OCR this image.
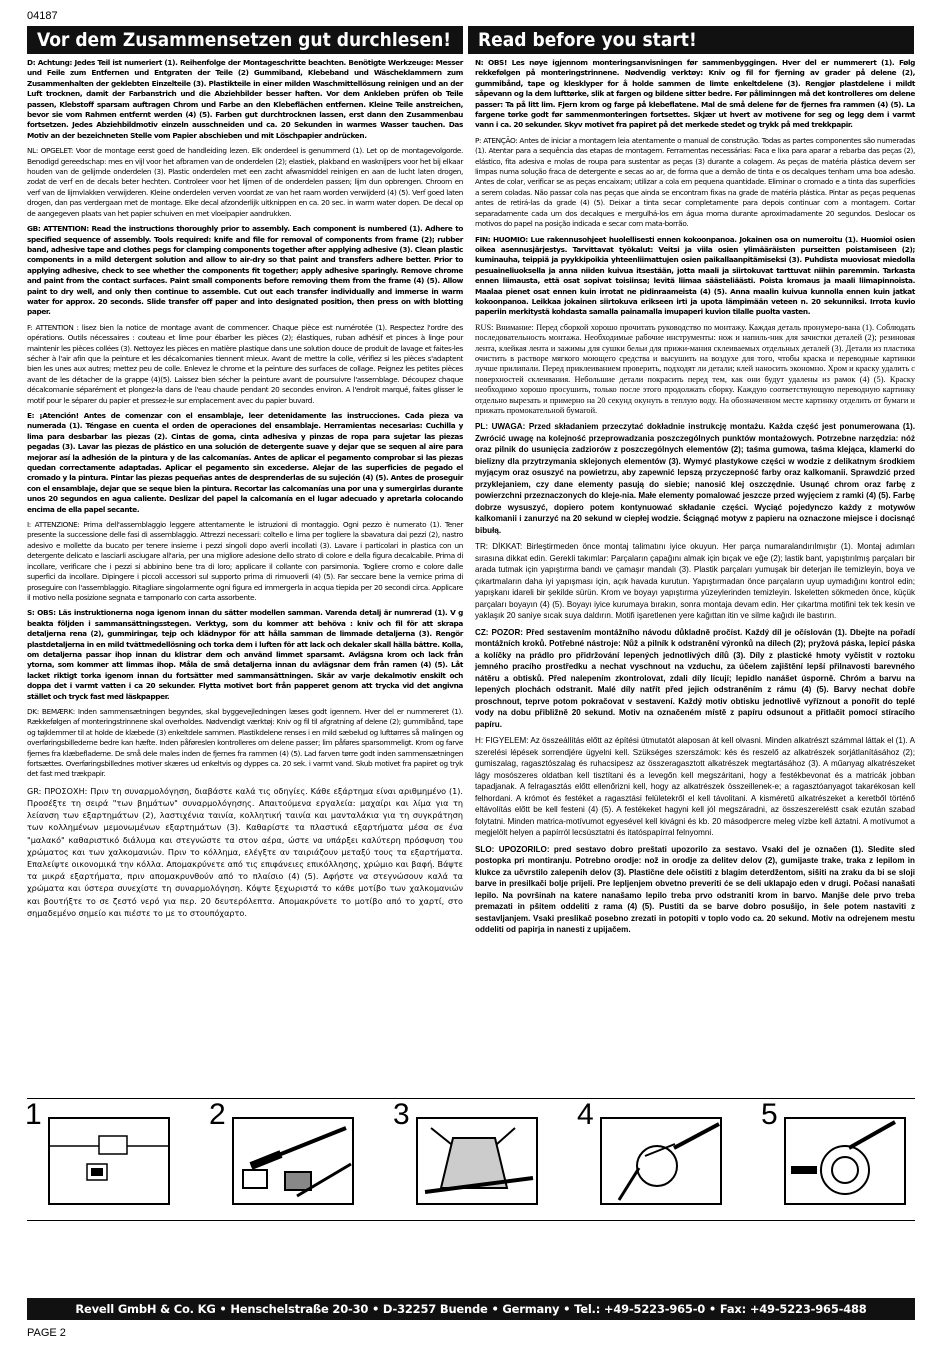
04187
Vor dem Zusammensetzen gut durchlesen!	Read before you start!

D: Achtung: Jedes Teil ist numeriert (1). Reihenfolge der Montageschritte beachten. Benötigte Werkzeuge: Messer und Feile zum Entfernen und Entgraten der Teile (2) Gummiband, Klebeband und Wäscheklammern zum Zusammenhalten der geklebten Einzelteile (3). Plastikteile in einer milden Waschmittellösung reinigen und an der Luft trocknen, damit der Farbanstrich und die Abziehbilder besser haften. Vor dem Ankleben prüfen ob Teile passen, Klebstoff sparsam auftragen Chrom und Farbe an den Klebeflächen entfernen. Kleine Teile anstreichen, bevor sie vom Rahmen entfernt werden (4) (5). Farben gut durchtrocknen lassen, erst dann den Zusammenbau fortsetzen. Jedes Abziehbildmotiv einzeln ausschneiden und ca. 20 Sekunden in warmes Wasser tauchen. Das Motiv an der bezeichneten Stelle vom Papier abschieben und mit Löschpapier andrücken.

NL: OPGELET: Voor de montage eerst goed de handleiding lezen. Elk onderdeel is genummerd (1). Let op de montagevolgorde. Benodigd gereedschap: mes en vijl voor het afbramen van de onderdelen (2); elastiek, plakband en wasknijpers voor het bij elkaar houden van de gelijmde onderdelen (3). Plastic onderdelen met een zacht afwasmiddel reinigen en aan de lucht laten drogen, zodat de verf en de decals beter hechten. Controleer voor het lijmen of de onderdelen passen; lijm dun opbrengen. Chroom en verf van de lijmvlakken verwijderen. Kleine onderdelen verven voordat ze van het raam worden verwijderd (4) (5). Verf goed laten drogen, dan pas verdergaan met de montage. Elke decal afzonderlijk uitknippen en ca. 20 sec. in warm water dopen. De decal op de aangegeven plaats van het papier schuiven en met vloeipapier aandrukken.

GB: ATTENTION: Read the instructions thoroughly prior to assembly. Each component is numbered (1). Adhere to specified sequence of assembly. Tools required: knife and file for removal of components from frame (2); rubber band, adhesive tape and clothes pegs for clamping components together after applying adhesive (3). Clean plastic components in a mild detergent solution and allow to air-dry so that paint and transfers adhere better. Prior to applying adhesive, check to see whether the components fit together; apply adhesive sparingly. Remove chrome and paint from the contact surfaces. Paint small components before removing them from the frame (4) (5). Allow paint to dry well, and only then continue to assemble. Cut out each transfer individually and immerse in warm water for approx. 20 seconds. Slide transfer off paper and into designated position, then press on with blotting paper.

F: ATTENTION : lisez bien la notice de montage avant de commencer. Chaque pièce est numérotée (1). Respectez l'ordre des opérations. Outils nécessaires : couteau et lime pour ébarber les pièces (2); élastiques, ruban adhésif et pinces à linge pour maintenir les pièces collées (3). Nettoyez les pièces en matière plastique dans une solution douce de produit de lavage et faites-les sécher à l'air afin que la peinture et les décalcomanies tiennent mieux. Avant de mettre la colle, vérifiez si les pièces s'adaptent bien les unes aux autres; mettez peu de colle. Enlevez le chrome et la peinture des surfaces de collage. Peignez les petites pièces avant de les détacher de la grappe (4)(5). Laissez bien sécher la peinture avant de poursuivre l'assemblage. Découpez chaque décalcomanie séparément et plongez-la dans de l'eau chaude pendant 20 secondes environ. A l'endroit marqué, faites glisser le motif pour le séparer du papier et pressez-le sur emplacement avec du papier buvard.

E: ¡Atención! Antes de comenzar con el ensamblaje, leer detenidamente las instrucciones. Cada pieza va numerada (1). Téngase en cuenta el orden de operaciones del ensamblaje. Herramientas necesarias: Cuchilla y lima para desbarbar las piezas (2). Cintas de goma, cinta adhesiva y pinzas de ropa para sujetar las piezas pegadas (3). Lavar las piezas de plástico en una solución de detergente suave y dejar que se sequen al aire para mejorar así la adhesión de la pintura y de las calcomanías. Antes de aplicar el pegamento comprobar si las piezas quedan correctamente adaptadas. Aplicar el pegamento sin excederse. Alejar de las superficies de pegado el cromado y la pintura. Pintar las piezas pequeñas antes de desprenderlas de su sujeción (4) (5). Antes de proseguir con el ensamblaje, dejar que se seque bien la pintura. Recortar las calcomanías una por una y sumergirlas durante unos 20 segundos en agua caliente. Deslizar del papel la calcomanía en el lugar adecuado y apretarla colocando encima de ella papel secante.

I: ATTENZIONE: Prima dell'assemblaggio leggere attentamente le istruzioni di montaggio. Ogni pezzo è numerato (1). Tener presente la successione delle fasi di assemblaggio. Attrezzi necessari: coltello e lima per togliere la sbavatura dai pezzi (2), nastro adesivo e mollette da bucato per tenere insieme i pezzi singoli dopo averli incollati (3). Lavare i particolari in plastica con un detergente delicato e lasciarli asciugare all'aria, per una migliore adesione dello strato di colore e della figura decalcabile. Prima di incollare, verificare che i pezzi si abbinino bene tra di loro; applicare il collante con parsimonia. Togliere cromo e colore dalle superfici da incollare. Dipingere i piccoli accessori sul supporto prima di rimuoverli (4) (5). Far seccare bene la vernice prima di proseguire con l'assemblaggio. Ritagliare singolarmente ogni figura ed immergerla in acqua tiepida per 20 secondi circa. Applicare il motivo nella posizione segnata e tamponarlo con carta assorbente.

S: OBS: Läs instruktionerna noga igenom innan du sätter modellen samman. Varenda detalj är numrerad (1). V g beakta följden i sammansättningsstegen. Verktyg, som du kommer att behöva : kniv och fil för att skrapa detaljerna rena (2), gummiringar, tejp och klädnypor för att hålla samman de limmade detaljerna (3). Rengör plastdetaljerna in en mild tvättmedellösning och torka dem i luften för att lack och dekaler skall hälla bättre. Kolla, om detaljerna passar ihop innan du klistrar dem och använd limmet sparsamt. Avlägsna krom och lack från ytorna, som kommer att limmas ihop. Måla de små detaljerna innan du avlägsnar dem från ramen (4) (5). Låt lacket riktigt torka igenom innan du fortsätter med sammansättningen. Skär av varje dekalmotiv enskilt och doppa det i varmt vatten i ca 20 sekunder. Flytta motivet bort från papperet genom att trycka vid det angivna stället och tryck fast med läskpapper.

DK: BEMÆRK: Inden sammensætningen begyndes, skal byggevejledningen læses godt igennem. Hver del er nummereret (1). Rækkefølgen af monteringstrinnene skal overholdes. Nødvendigt værktøj: Kniv og fil til afgratning af delene (2); gummibånd, tape og tøjklemmer til at holde de klæbede (3) enkeltdele sammen. Plastikdelene renses i en mild sæbelud og lufttørres så malingen og overføringsbillederne bedre kan hæfte. Inden påføreslen kontrolleres om delene passer; lim påføres sparsommeligt. Krom og farve fjernes fra klæbefladerne. De små dele males inden de fjernes fra rammen (4) (5). Lad farven tørre godt inden sammensætningen fortsættes. Overføringsbillednes motiver skæres ud enkeltvis og dyppes ca. 20 sek. i varmt vand. Skub motivet fra papiret og tryk det fast med trækpapir.

GR: ΠΡΟΣΟΧΗ: Πριν τη συναρμολόγηση, διαβάστε καλά τις οδηγίες. Κάθε εξάρτημα είναι αριθμημένο (1). Προσέξτε τη σειρά "των βημάτων" συναρμολόγησης. Απαιτούμενα εργαλεία: μαχαίρι και λίμα για τη λείανση των εξαρτημάτων (2), λαστιχένια ταινία, κολλητική ταινία και μανταλάκια για τη συγκράτηση των κολλημένων μεμονωμένων εξαρτημάτων (3). Καθαρίστε τα πλαστικά εξαρτήματα μέσα σε ένα "μαλακό" καθαριστικό διάλυμα και στεγνώστε τα στον αέρα, ώστε να υπάρξει καλύτερη πρόσφυση του χρώματος και των χαλκομανιών. Πριν το κόλλημα, ελέγξτε αν ταιριάζουν μεταξύ τους τα εξαρτήματα. Επαλείψτε οικονομικά την κόλλα. Απομακρύνετε από τις επιφάνειες επικόλλησης, χρώμιο και βαφή. Βάψτε τα μικρά εξαρτήματα, πριν απομακρυνθούν από το πλαίσιο (4) (5). Αφήστε να στεγνώσουν καλά τα χρώματα και ύστερα συνεχίστε τη συναρμολόγηση. Κόψτε ξεχωριστά το κάθε μοτίβο των χαλκομανιών και βουτήξτε το σε ζεστό νερό για περ. 20 δευτερόλεπτα. Απομακρύνετε το μοτίβο από το χαρτί, στο σημαδεμένο σημείο και πιέστε το με το στουπόχαρτο.

N: OBS! Les nøye igjennom monteringsanvisningen før sammenbyggingen. Hver del er nummerert (1). Følg rekkefølgen på monteringstrinnene. Nødvendig verktøy: Kniv og fil for fjerning av grader på delene (2), gummibånd, tape og klesklyper for å holde sammen de limte enkeltdelene (3). Rengjør plastdelene i mildt såpevann og la dem lufttørke, slik at fargen og bildene sitter bedre. Før påliminngen må det kontrolleres om delene passer: Ta på litt lim. Fjern krom og farge på klebeflatene. Mal de små delene før de fjernes fra rammen (4) (5). La fargene tørke godt før sammenmonteringen fortsettes. Skjær ut hvert av motivene for seg og legg dem i varmt vann i ca. 20 sekunder. Skyv motivet fra papiret på det merkede stedet og trykk på med trekkpapir.

P: ATENÇÃO: Antes de iniciar a montagem leia atentamente o manual de construção. Todas as partes componentes são numeradas (1). Atentar para a sequência das etapas de montagem. Ferramentas necessárias: Faca e lixa para aparar a rebarba das peças (2), elástico, fita adesiva e molas de roupa para sustentar as peças (3) durante a colagem. As peças de matéria plástica devem ser limpas numa solução fraca de detergente e secas ao ar, de forma que a demão de tinta e os decalques tenham uma boa adesão. Antes de colar, verificar se as peças encaixam; utilizar a cola em pequena quantidade. Eliminar o cromado e a tinta das superfícies a serem coladas. Não passar cola nas peças que ainda se encontram fixas na grade de matéria plástica. Pintar as peças pequenas antes de retirá-las da grade (4) (5). Deixar a tinta secar completamente para depois continuar com a montagem. Cortar separadamente cada um dos decalques e mergulhá-los em água morna durante aproximadamente 20 segundos. Deslocar os motivos do papel na posição indicada e secar com mata-borrão.

FIN: HUOMIO: Lue rakennusohjeet huolellisesti ennen kokoonpanoa. Jokainen osa on numeroitu (1). Huomioi osien oikea asennusjärjestys. Tarvittavat työkalut: Veitsi ja viila osien ylimääräisten purseitten poistamiseen (2); kuminauha, teippiä ja pyykkipoikia yhteenliimattujen osien paikallaanpitämiseksi (3). Puhdista muoviosat miedolla pesuaineliuoksella ja anna niiden kuivua itsestään, jotta maali ja siirtokuvat tarttuvat niihin paremmin. Tarkasta ennen liimausta, että osat sopivat toisiinsa; levitä liimaa säästeliäästi. Poista kromaus ja maali liimapinnoista. Maalaa pienet osat ennen kuin irrotat ne pidinraameista (4) (5). Anna maalin kuivua kunnolla ennen kuin jatkat kokoonpanoa. Leikkaa jokainen siirtokuva erikseen irti ja upota lämpimään veteen n. 20 sekunniksi. Irrota kuvio paperiin merkitystä kohdasta samalla painamalla imupaperi kuvion tilalle puolta vasten.

RUS: Внимание: Перед сборкой хорошо прочитать руководство по монтажу. Каждая деталь пронумеро-вана (1). Соблюдать последовательность монтажа. Необходимые рабочие инструменты: нож и напиль-ник для зачистки деталей (2); резиновая лента, клейкая лента и зажимы для сушки бельи для прижи-мания склеиваемых отдельных деталей (3). Детали из пластика очистить в растворе мягкого моющего средства и высушить на воздухе для того, чтобы краска и переводные картинки лучше прилипали. Перед приклеиванием проверить, подходят ли детали; клей наносить экономно. Хром и краску удалить с поверхностей склеивания. Небольшие детали покрасить перед тем, как они будут удалены из рамок (4) (5). Краску необходимо хорошо просушить, только после этого продолжать сборку. Каждую соответствующую переводную картинку отдельно вырезать и примерно на 20 секунд окунуть в теплую воду. На обозначенном месте картинку отделить от бумаги и прижать промокательной бумагой.

PL: UWAGA: Przed składaniem przeczytać dokładnie instrukcję montażu. Każda część jest ponumerowana (1). Zwrócić uwagę na kolejność przeprowadzania poszczególnych punktów montażowych. Potrzebne narzędzia: nóż oraz pilnik do usunięcia zadziorów z poszczególnych elementów (2); taśma gumowa, taśma klejąca, klamerki do bielizny dla przytrzymania sklejonych elementów (3). Wymyć plastykowe części w wodzie z delikatnym środkiem myjącym oraz osuszyć na powietrzu, aby zapewnić lepszą przyczepność farby oraz kalkomanii. Sprawdzić przed przyklejaniem, czy dane elementy pasują do siebie; nanosić klej oszczędnie. Usunąć chrom oraz farbę z powierzchni przeznaczonych do kleje-nia. Małe elementy pomalować jeszcze przed wyjęciem z ramki (4) (5). Farbę dobrze wysuszyć, dopiero potem kontynuować składanie części. Wyciąć pojedynczo każdy z motywów kalkomanii i zanurzyć na 20 sekund w ciepłej wodzie. Ściągnąć motyw z papieru na oznaczone miejsce i docisnąć bibułą.

TR: DİKKAT: Birleştirmeden önce montaj talimatını iyice okuyun. Her parça numaralandırılmıştır (1). Montaj adımları sırasına dikkat edin. Gerekli takımlar: Parçaların çapağını almak için bıçak ve eğe (2); lastik bant, yapıştırılmış parçaları bir arada tutmak için yapıştırma bandı ve çamaşır mandalı (3). Plastik parçaları yumuşak bir deterjan ile temizleyin, boya ve çıkartmaların daha iyi yapışması için, açık havada kurutun. Yapıştırmadan önce parçaların uyup uymadığını kontrol edin; yapışkanı idareli bir şekilde sürün. Krom ve boyayı yapıştırma yüzeylerinden temizleyin. İskeletten sökmeden önce, küçük parçaları boyayın (4) (5). Boyayı iyice kurumaya bırakın, sonra montaja devam edin. Her çıkartma motifini tek tek kesin ve yaklaşık 20 saniye sıcak suya daldırın. Motifi işaretlenen yere kağıttan itin ve silme kağıdı ile bastırın.

CZ: POZOR: Před sestavením montážního návodu důkladně pročíst. Každý díl je očíslován (1). Dbejte na pořadí montážních kroků. Potřebné nástroje: Nůž a pilník k odstranění výronků na dílech (2); pryžová páska, lepicí páska a kolíčky na prádlo pro přidržování lepených jednotlivých dílů (3). Díly z plastické hmoty vyčistit v roztoku jemného pracího prostředku a nechat vyschnout na vzduchu, za účelem zajištění lepší přilnavosti barevného nátěru a obtisků. Před nalepením zkontrolovat, zdali díly lícují; lepidlo nanášet úsporně. Chróm a barvu na lepených plochách odstranit. Malé díly natřít před jejich odstraněním z rámu (4) (5). Barvy nechat dobře proschnout, teprve potom pokračovat v sestavení. Každý motiv obtisku jednotlivě vyříznout a ponořit do teplé vody na dobu přibližně 20 sekund. Motiv na označeném místě z papíru odsunout a přitlačit pomocí stíracího papíru.

H: FIGYELEM: Az összeállítás előtt az építési útmutatót alaposan át kell olvasni. Minden alkatrészt számmal láttak el (1). A szerelési lépések sorrendjére ügyelni kell. Szükséges szerszámok: kés és reszelő az alkatrészek sorjátlanításához (2); gumiszalag, ragasztószalag és ruhacsipesz az összeragasztott alkatrészek megtartásához (3). A műanyag alkatrészeket lágy mosószeres oldatban kell tisztítani és a levegőn kell megszáritani, hogy a festékbevonat és a matricák jobban tapadjanak. A felragasztás előtt ellenőrizni kell, hogy az alkatrészek összeillenek-e; a ragasztóanyagot takarékosan kell felhordani. A krómot és festéket a ragasztási felületekről el kell távolitani. A kisméretű alkatrészeket a keretből történő eltávolítás előtt be kell festeni (4) (5). A festékeket hagyni kell jól megszáradni, az összeszereléstt csak ezután szabad folytatni. Minden matrica-motívumot egyesével kell kivágni és kb. 20 másodpercre meleg vízbe kell áztatni. A motívumot a megjelölt helyen a papírról lecsúsztatni és itatóspapírral felnyomni.

SLO: UPOZORILO: pred sestavo dobro preštati upozorilo za sestavo. Vsaki del je označen (1). Sledite sled postopka pri montiranju. Potrebno orodje: nož in orodje za delitev delov (2), gumijaste trake, traka z lepilom in klukce za učvrstilo zalepenih delov (3). Plastične dele očistiti z blagim deterdžentom, sišiti na zraku da bi se sloji barve in presilkači bolje prijeli. Pre lepljenjem obvetno preveriti će se deli uklapajo eden v drugi. Počasi nanašati lepilo. Na površinah na katere nanašamo lepilo treba prvo odstraniti krom in barvo. Manjše dele prvo treba premazati in pšitem oddeliti z rama (4) (5). Pustiti da se barve dobro posušijo, in šele potem nastaviti z sestavljanjem. Vsaki preslikač posebno zrezati in potopiti v toplo vodo ca. 20 sekund. Motiv na odrejenem mestu oddeliti od papirja in nanesti z upijačem.

1	2	3	4	5
Revell GmbH & Co. KG • Henschelstraße 20-30 • D-32257 Buende • Germany • Tel.: +49-5223-965-0 • Fax: +49-5223-965-488
PAGE 2
